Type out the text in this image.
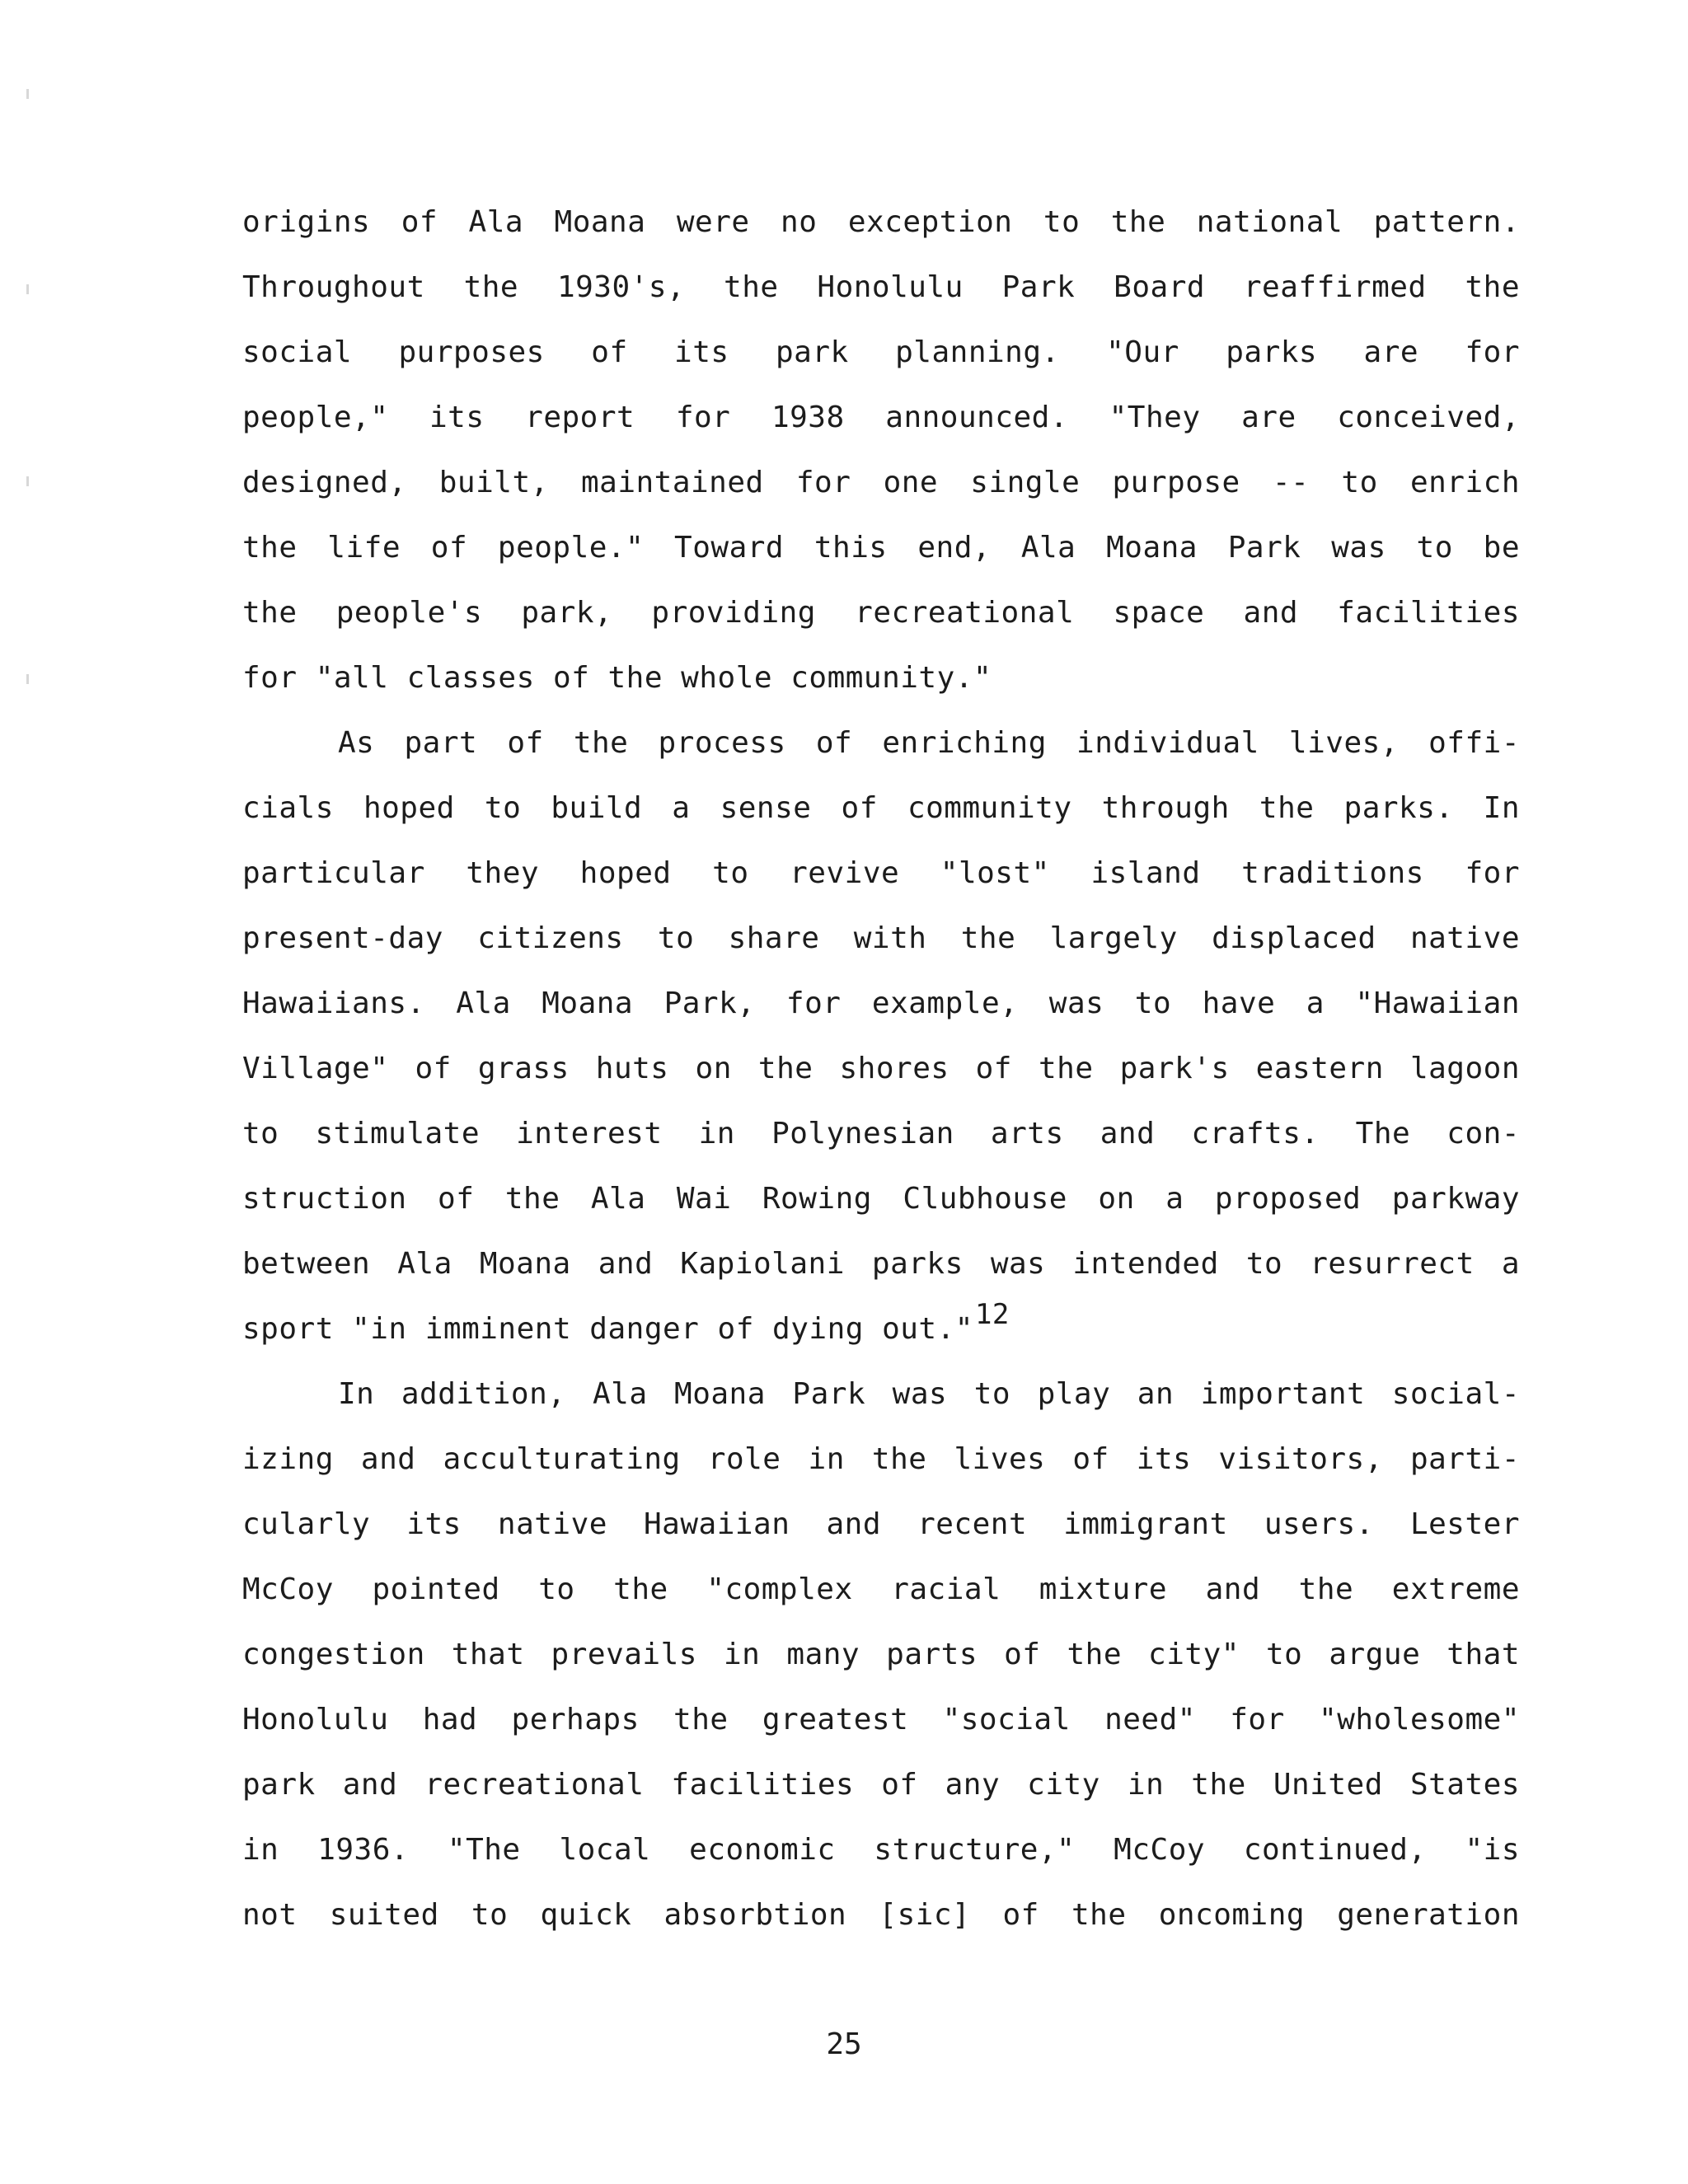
origins of Ala Moana were no exception to the national pattern.
Throughout the 1930's, the Honolulu Park Board reaffirmed the
social purposes of its park planning. "Our parks are for
people," its report for 1938 announced. "They are conceived,
designed, built, maintained for one single purpose -- to enrich
the life of people." Toward this end, Ala Moana Park was to be
the people's park, providing recreational space and facilities
for "all classes of the whole community."
As part of the process of enriching individual lives, offi-
cials hoped to build a sense of community through the parks. In
particular they hoped to revive "lost" island traditions for
present-day citizens to share with the largely displaced native
Hawaiians. Ala Moana Park, for example, was to have a "Hawaiian
Village" of grass huts on the shores of the park's eastern lagoon
to stimulate interest in Polynesian arts and crafts. The con-
struction of the Ala Wai Rowing Clubhouse on a proposed parkway
between Ala Moana and Kapiolani parks was intended to resurrect a
sport "in imminent danger of dying out."12
In addition, Ala Moana Park was to play an important social-
izing and acculturating role in the lives of its visitors, parti-
cularly its native Hawaiian and recent immigrant users. Lester
McCoy pointed to the "complex racial mixture and the extreme
congestion that prevails in many parts of the city" to argue that
Honolulu had perhaps the greatest "social need" for "wholesome"
park and recreational facilities of any city in the United States
in 1936. "The local economic structure," McCoy continued, "is
not suited to quick absorbtion [sic] of the oncoming generation
25
